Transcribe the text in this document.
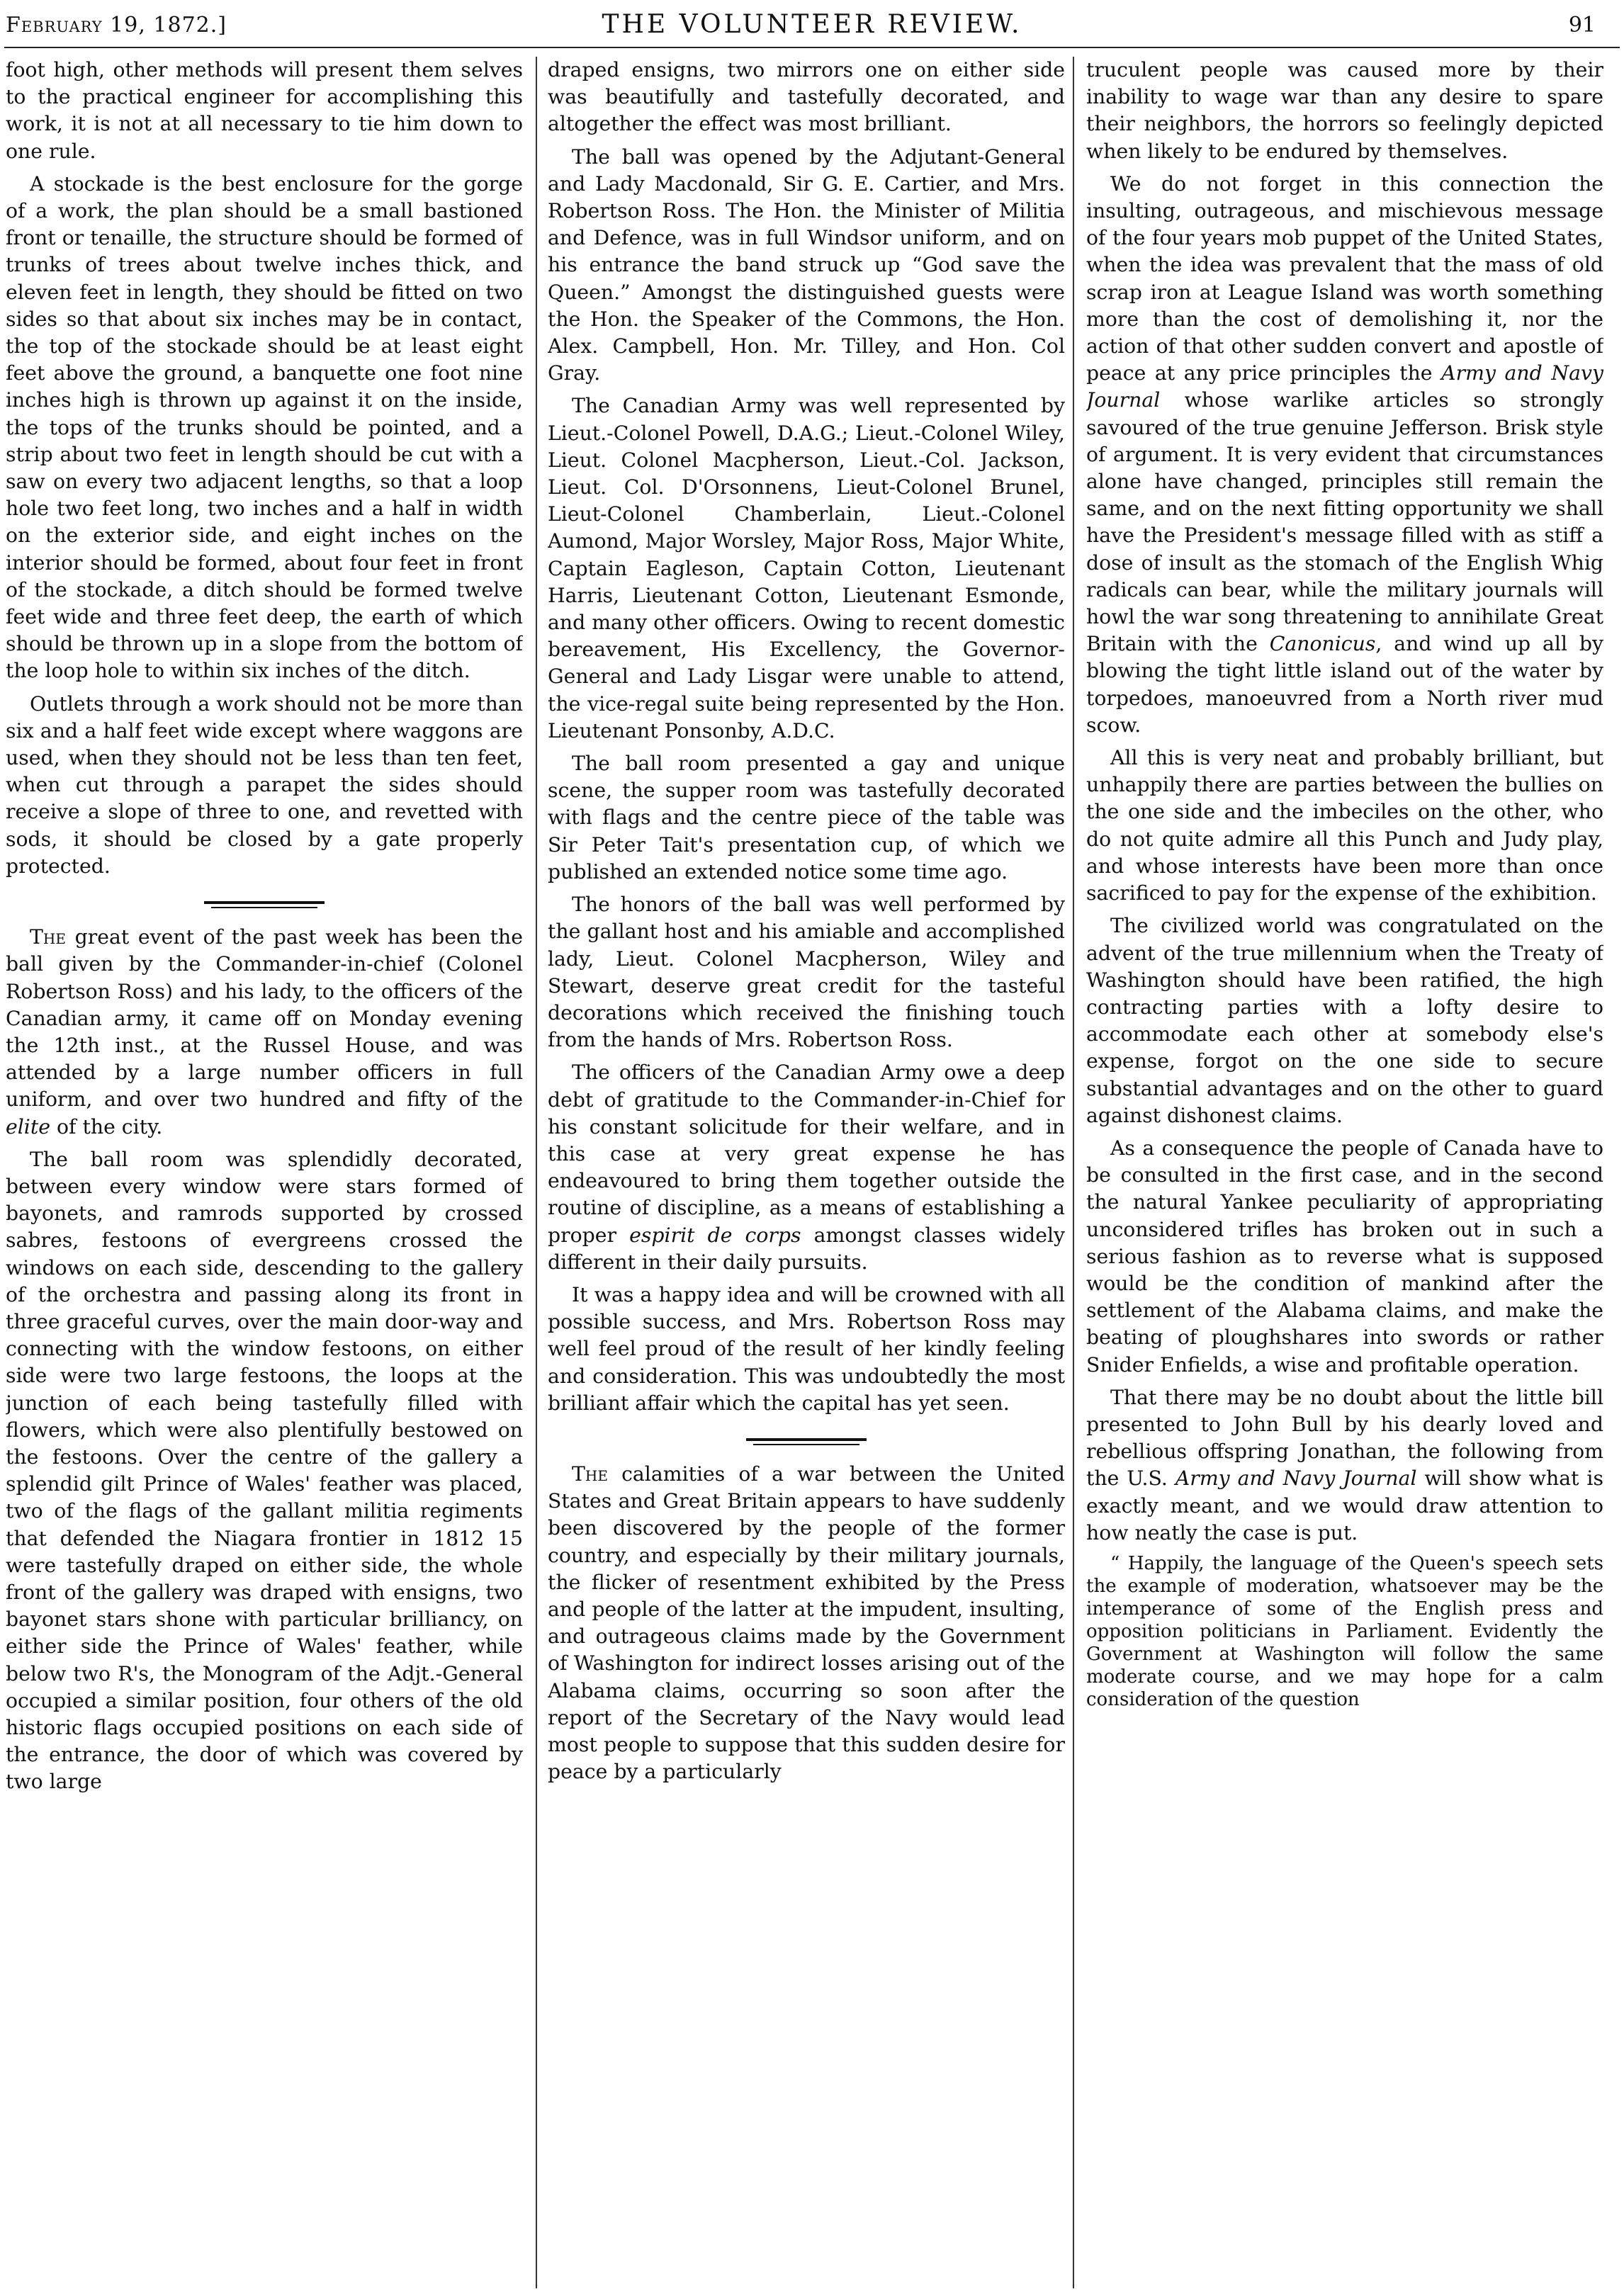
February 19, 1872.]	THE VOLUNTEER REVIEW.	91

foot high, other methods will present them selves to the practical engineer for accomplishing this work, it is not at all necessary to tie him down to one rule.

A stockade is the best enclosure for the gorge of a work, the plan should be a small bastioned front or tenaille, the structure should be formed of trunks of trees about twelve inches thick, and eleven feet in length, they should be fitted on two sides so that about six inches may be in contact, the top of the stockade should be at least eight feet above the ground, a banquette one foot nine inches high is thrown up against it on the inside, the tops of the trunks should be pointed, and a strip about two feet in length should be cut with a saw on every two adjacent lengths, so that a loop hole two feet long, two inches and a half in width on the exterior side, and eight inches on the interior should be formed, about four feet in front of the stockade, a ditch should be formed twelve feet wide and three feet deep, the earth of which should be thrown up in a slope from the bottom of the loop hole to within six inches of the ditch.

Outlets through a work should not be more than six and a half feet wide except where waggons are used, when they should not be less than ten feet, when cut through a parapet the sides should receive a slope of three to one, and revetted with sods, it should be closed by a gate properly protected.

The great event of the past week has been the ball given by the Commander-in-chief (Colonel Robertson Ross) and his lady, to the officers of the Canadian army, it came off on Monday evening the 12th inst., at the Russel House, and was attended by a large number officers in full uniform, and over two hundred and fifty of the elite of the city.

The ball room was splendidly decorated, between every window were stars formed of bayonets, and ramrods supported by crossed sabres, festoons of evergreens crossed the windows on each side, descending to the gallery of the orchestra and passing along its front in three graceful curves, over the main door-way and connecting with the window festoons, on either side were two large festoons, the loops at the junction of each being tastefully filled with flowers, which were also plentifully bestowed on the festoons. Over the centre of the gallery a splendid gilt Prince of Wales' feather was placed, two of the flags of the gallant militia regiments that defended the Niagara frontier in 1812 15 were tastefully draped on either side, the whole front of the gallery was draped with ensigns, two bayonet stars shone with particular brilliancy, on either side the Prince of Wales' feather, while below two R's, the Monogram of the Adjt.-General occupied a similar position, four others of the old historic flags occupied positions on each side of the entrance, the door of which was covered by two large

draped ensigns, two mirrors one on either side was beautifully and tastefully decorated, and altogether the effect was most brilliant.

The ball was opened by the Adjutant-General and Lady Macdonald, Sir G. E. Cartier, and Mrs. Robertson Ross. The Hon. the Minister of Militia and Defence, was in full Windsor uniform, and on his entrance the band struck up “God save the Queen.” Amongst the distinguished guests were the Hon. the Speaker of the Commons, the Hon. Alex. Campbell, Hon. Mr. Tilley, and Hon. Col Gray.

The Canadian Army was well represented by Lieut.-Colonel Powell, D.A.G.; Lieut.-Colonel Wiley, Lieut. Colonel Macpherson, Lieut.-Col. Jackson, Lieut. Col. D'Orsonnens, Lieut-Colonel Brunel, Lieut-Colonel Chamberlain, Lieut.-Colonel Aumond, Major Worsley, Major Ross, Major White, Captain Eagleson, Captain Cotton, Lieutenant Harris, Lieutenant Cotton, Lieutenant Esmonde, and many other officers. Owing to recent domestic bereavement, His Excellency, the Governor-General and Lady Lisgar were unable to attend, the vice-regal suite being represented by the Hon. Lieutenant Ponsonby, A.D.C.

The ball room presented a gay and unique scene, the supper room was tastefully decorated with flags and the centre piece of the table was Sir Peter Tait's presentation cup, of which we published an extended notice some time ago.

The honors of the ball was well performed by the gallant host and his amiable and accomplished lady, Lieut. Colonel Macpherson, Wiley and Stewart, deserve great credit for the tasteful decorations which received the finishing touch from the hands of Mrs. Robertson Ross.

The officers of the Canadian Army owe a deep debt of gratitude to the Commander-in-Chief for his constant solicitude for their welfare, and in this case at very great expense he has endeavoured to bring them together outside the routine of discipline, as a means of establishing a proper espirit de corps amongst classes widely different in their daily pursuits.

It was a happy idea and will be crowned with all possible success, and Mrs. Robertson Ross may well feel proud of the result of her kindly feeling and consideration. This was undoubtedly the most brilliant affair which the capital has yet seen.

The calamities of a war between the United States and Great Britain appears to have suddenly been discovered by the people of the former country, and especially by their military journals, the flicker of resentment exhibited by the Press and people of the latter at the impudent, insulting, and outrageous claims made by the Government of Washington for indirect losses arising out of the Alabama claims, occurring so soon after the report of the Secretary of the Navy would lead most people to suppose that this sudden desire for peace by a particularly

truculent people was caused more by their inability to wage war than any desire to spare their neighbors, the horrors so feelingly depicted when likely to be endured by themselves.

We do not forget in this connection the insulting, outrageous, and mischievous message of the four years mob puppet of the United States, when the idea was prevalent that the mass of old scrap iron at League Island was worth something more than the cost of demolishing it, nor the action of that other sudden convert and apostle of peace at any price principles the Army and Navy Journal whose warlike articles so strongly savoured of the true genuine Jefferson. Brisk style of argument. It is very evident that circumstances alone have changed, principles still remain the same, and on the next fitting opportunity we shall have the President's message filled with as stiff a dose of insult as the stomach of the English Whig radicals can bear, while the military journals will howl the war song threatening to annihilate Great Britain with the Canonicus, and wind up all by blowing the tight little island out of the water by torpedoes, manoeuvred from a North river mud scow.

All this is very neat and probably brilliant, but unhappily there are parties between the bullies on the one side and the imbeciles on the other, who do not quite admire all this Punch and Judy play, and whose interests have been more than once sacrificed to pay for the expense of the exhibition.

The civilized world was congratulated on the advent of the true millennium when the Treaty of Washington should have been ratified, the high contracting parties with a lofty desire to accommodate each other at somebody else's expense, forgot on the one side to secure substantial advantages and on the other to guard against dishonest claims.

As a consequence the people of Canada have to be consulted in the first case, and in the second the natural Yankee peculiarity of appropriating unconsidered trifles has broken out in such a serious fashion as to reverse what is supposed would be the condition of mankind after the settlement of the Alabama claims, and make the beating of ploughshares into swords or rather Snider Enfields, a wise and profitable operation.

That there may be no doubt about the little bill presented to John Bull by his dearly loved and rebellious offspring Jonathan, the following from the U.S. Army and Navy Journal will show what is exactly meant, and we would draw attention to how neatly the case is put.

“ Happily, the language of the Queen's speech sets the example of moderation, whatsoever may be the intemperance of some of the English press and opposition politicians in Parliament. Evidently the Government at Washington will follow the same moderate course, and we may hope for a calm consideration of the question
